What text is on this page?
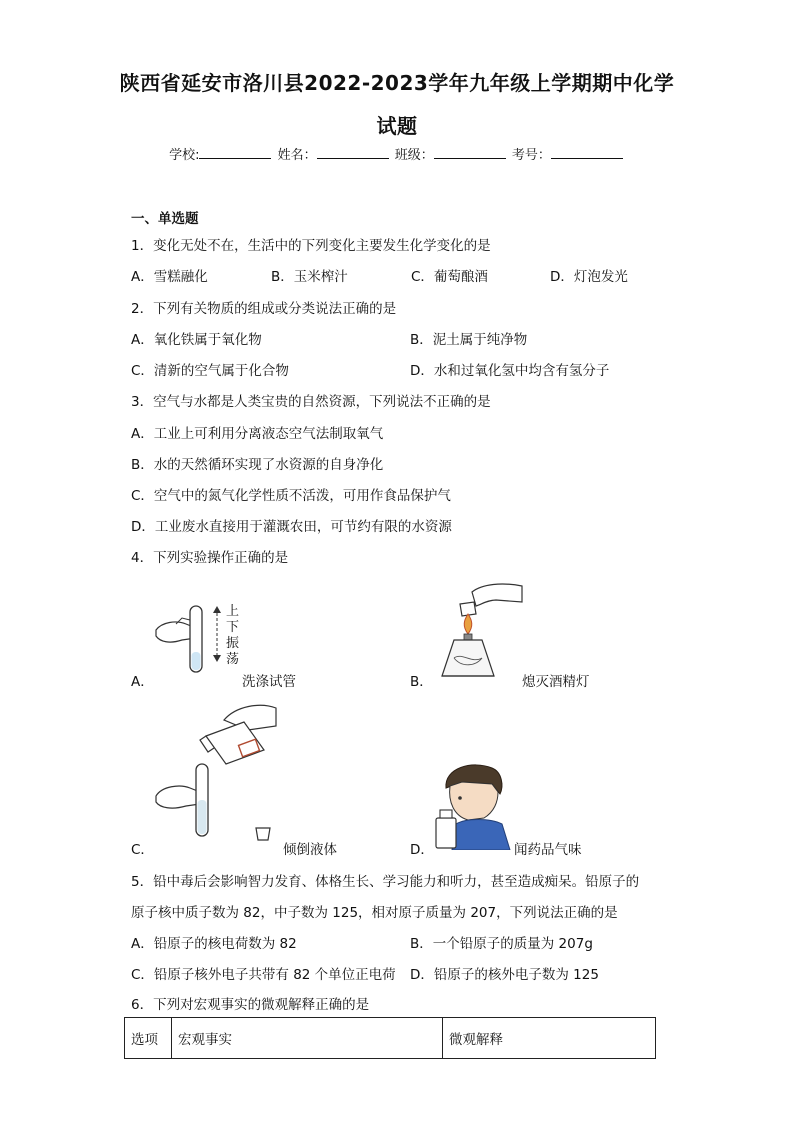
陕西省延安市洛川县2022-2023学年九年级上学期期中化学
试题
学校:	姓名：	班级：	考号：
一、单选题
1．变化无处不在，生活中的下列变化主要发生化学变化的是
A．雪糕融化	B．玉米榨汁	C．葡萄酿酒	D．灯泡发光
2．下列有关物质的组成或分类说法正确的是
A．氧化铁属于氧化物	B．泥土属于纯净物
C．清新的空气属于化合物	D．水和过氧化氢中均含有氢分子
3．空气与水都是人类宝贵的自然资源，下列说法不正确的是
A．工业上可利用分离液态空气法制取氧气
B．水的天然循环实现了水资源的自身净化
C．空气中的氮气化学性质不活泼，可用作食品保护气
D．工业废水直接用于灌溉农田，可节约有限的水资源
4．下列实验操作正确的是
A．
上
下
振
荡
洗涤试管	B．	熄灭酒精灯
C．	倾倒液体	D．	闻药品气味
5．铅中毒后会影响智力发育、体格生长、学习能力和听力，甚至造成痴呆。铅原子的
原子核中质子数为 82，中子数为 125，相对原子质量为 207，下列说法正确的是
A．铅原子的核电荷数为 82	B．一个铅原子的质量为 207g
C．铅原子核外电子共带有 82 个单位正电荷 D．铅原子的核外电子数为 125
6．下列对宏观事实的微观解释正确的是
选项	宏观事实	微观解释
